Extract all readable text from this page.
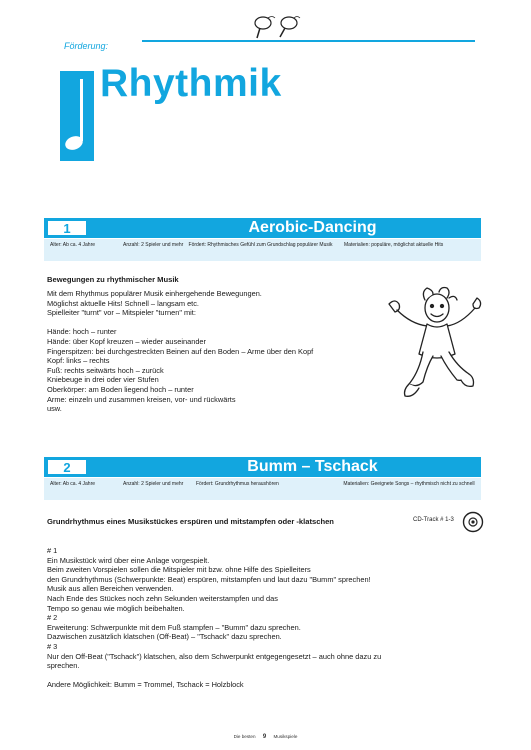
Förderung:
Rhythmik
1	Aerobic-Dancing
Alter: Ab ca. 4 Jahre	Anzahl: 2 Spieler und mehr Fördert: Rhythmisches Gefühl zum Grundschlag populärer Musik Materialien: populäre, möglichst aktuelle Hits
Bewegungen zu rhythmischer Musik
Mit dem Rhythmus populärer Musik einhergehende Bewegungen.
Möglichst aktuelle Hits! Schnell – langsam etc.
Spielleiter "turnt" vor – Mitspieler "turnen" mit:

Hände: hoch – runter
Hände: über Kopf kreuzen – wieder auseinander
Fingerspitzen: bei durchgestreckten Beinen auf den Boden – Arme über den Kopf
Kopf: links – rechts
Fuß: rechts seitwärts hoch – zurück
Kniebeuge in drei oder vier Stufen
Oberkörper: am Boden liegend hoch – runter
Arme: einzeln und zusammen kreisen, vor- und rückwärts
usw.
2	Bumm – Tschack
Alter: Ab ca. 4 Jahre	Anzahl: 2 Spieler und mehr	Fördert: Grundrhythmus heraushören	Materialien: Geeignete Songs – rhythmisch nicht zu schnell
Grundrhythmus eines Musikstückes erspüren und mitstampfen oder -klatschen	CD-Track # 1-3
# 1
Ein Musikstück wird über eine Anlage vorgespielt.
Beim zweiten Vorspielen sollen die Mitspieler mit bzw. ohne Hilfe des Spielleiters
den Grundrhythmus (Schwerpunkte: Beat) erspüren, mitstampfen und laut dazu "Bumm" sprechen!
Musik aus allen Bereichen verwenden.
Nach Ende des Stückes noch zehn Sekunden weiterstampfen und das
Tempo so genau wie möglich beibehalten.
# 2
Erweiterung: Schwerpunkte mit dem Fuß stampfen – "Bumm" dazu sprechen.
Dazwischen zusätzlich klatschen (Off-Beat) – "Tschack" dazu sprechen.
# 3
Nur den Off-Beat ("Tschack") klatschen, also dem Schwerpunkt entgegengesetzt – auch ohne dazu zu
sprechen.

Andere Möglichkeit: Bumm = Trommel, Tschack = Holzblock
Die besten 9 Musikspiele
